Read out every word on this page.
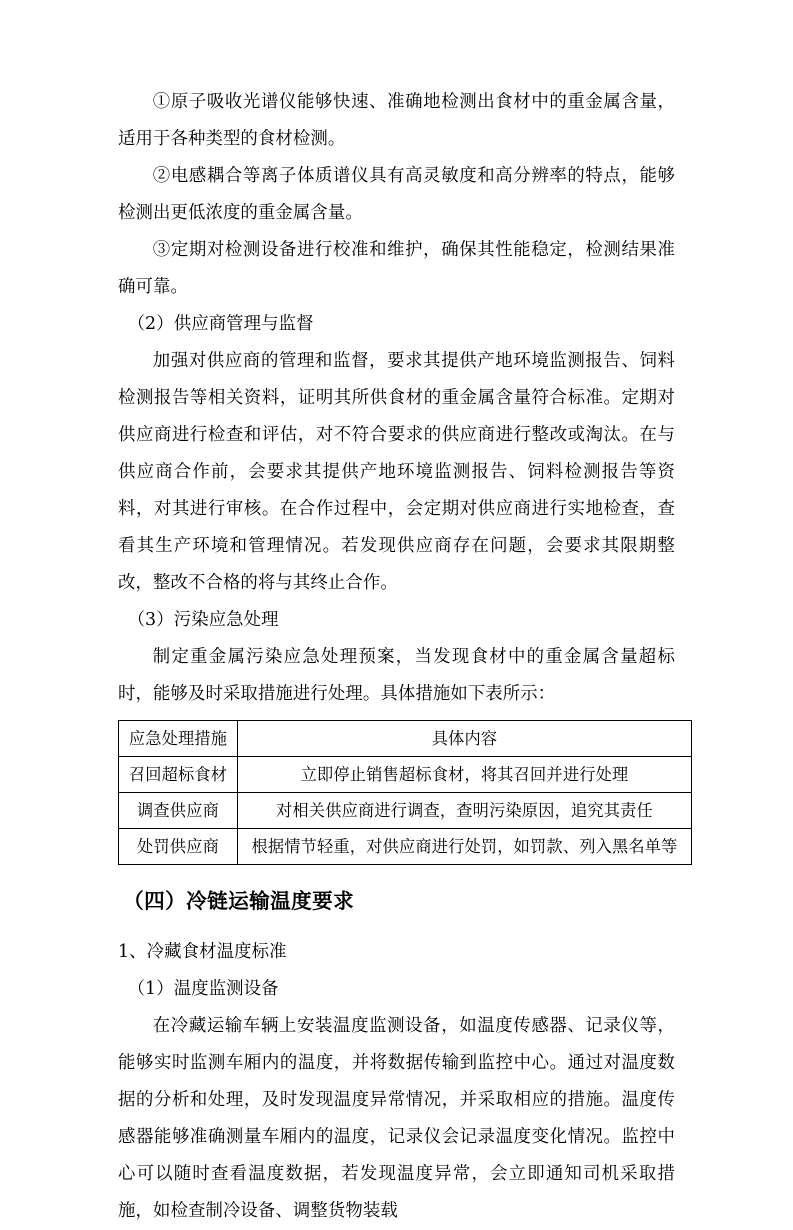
①原子吸收光谱仪能够快速、准确地检测出食材中的重金属含量，适用于各种类型的食材检测。

②电感耦合等离子体质谱仪具有高灵敏度和高分辨率的特点，能够检测出更低浓度的重金属含量。

③定期对检测设备进行校准和维护，确保其性能稳定，检测结果准确可靠。

（2）供应商管理与监督

加强对供应商的管理和监督，要求其提供产地环境监测报告、饲料检测报告等相关资料，证明其所供食材的重金属含量符合标准。定期对供应商进行检查和评估，对不符合要求的供应商进行整改或淘汰。在与供应商合作前，会要求其提供产地环境监测报告、饲料检测报告等资料，对其进行审核。在合作过程中，会定期对供应商进行实地检查，查看其生产环境和管理情况。若发现供应商存在问题，会要求其限期整改，整改不合格的将与其终止合作。

（3）污染应急处理

制定重金属污染应急处理预案，当发现食材中的重金属含量超标时，能够及时采取措施进行处理。具体措施如下表所示：

应急处理措施	具体内容
召回超标食材	立即停止销售超标食材，将其召回并进行处理
调查供应商	对相关供应商进行调查，查明污染原因，追究其责任
处罚供应商	根据情节轻重，对供应商进行处罚，如罚款、列入黑名单等
（四）冷链运输温度要求

1、冷藏食材温度标准

（1）温度监测设备

在冷藏运输车辆上安装温度监测设备，如温度传感器、记录仪等，能够实时监测车厢内的温度，并将数据传输到监控中心。通过对温度数据的分析和处理，及时发现温度异常情况，并采取相应的措施。温度传感器能够准确测量车厢内的温度，记录仪会记录温度变化情况。监控中心可以随时查看温度数据，若发现温度异常，会立即通知司机采取措施，如检查制冷设备、调整货物装载
